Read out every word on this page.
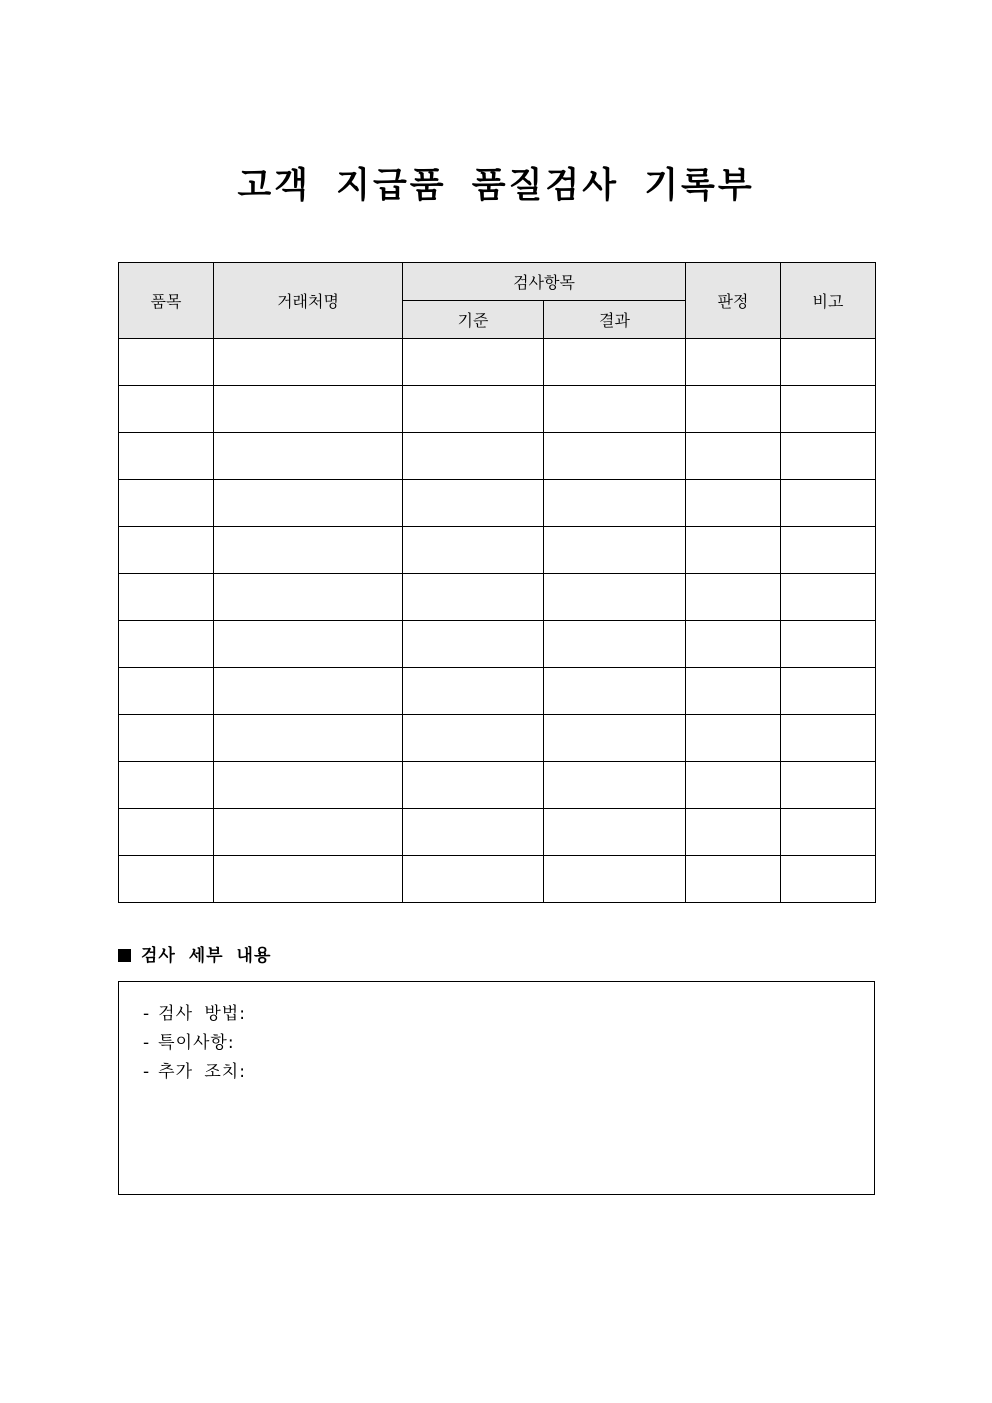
고객 지급품 품질검사 기록부
품목	거래처명	검사항목		판정	비고
		기준	결과		

검사 세부 내용
- 검사 방법:
- 특이사항:
- 추가 조치:
